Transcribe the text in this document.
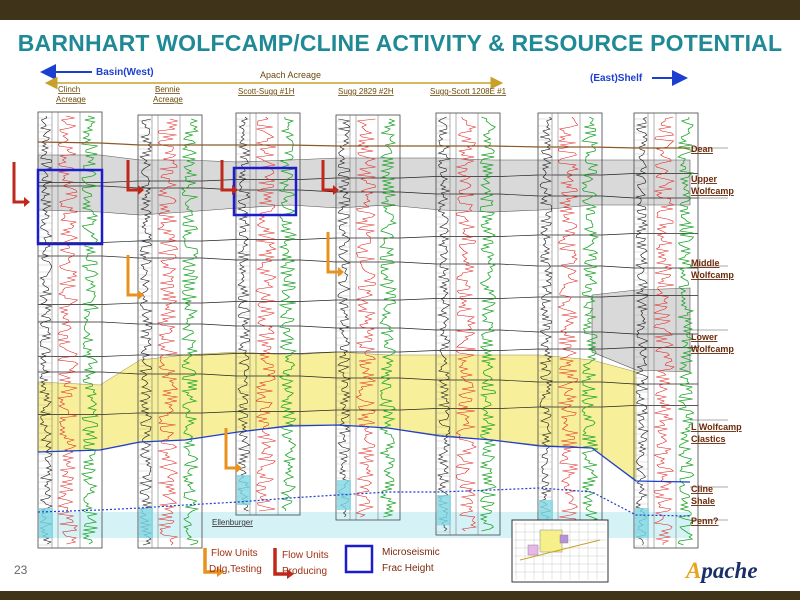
BARNHART WOLFCAMP/CLINE ACTIVITY & RESOURCE POTENTIAL
Basin(West)
(East)Shelf
Apach Acreage
Clinch
Acreage
Bennie
Acreage
Scott-Sugg #1H	Sugg 2829 #2H	Sugg-Scott 1208E #1
Dean
Upper
Wolfcamp
Middle
Wolfcamp
Lower
Wolfcamp
L Wolfcamp
Clastics
Cline
Shale
Penn?
Ellenburger
Flow Units
Drlg,Testing
Flow Units
Producing
Microseismic
Frac Height
23	Apache
